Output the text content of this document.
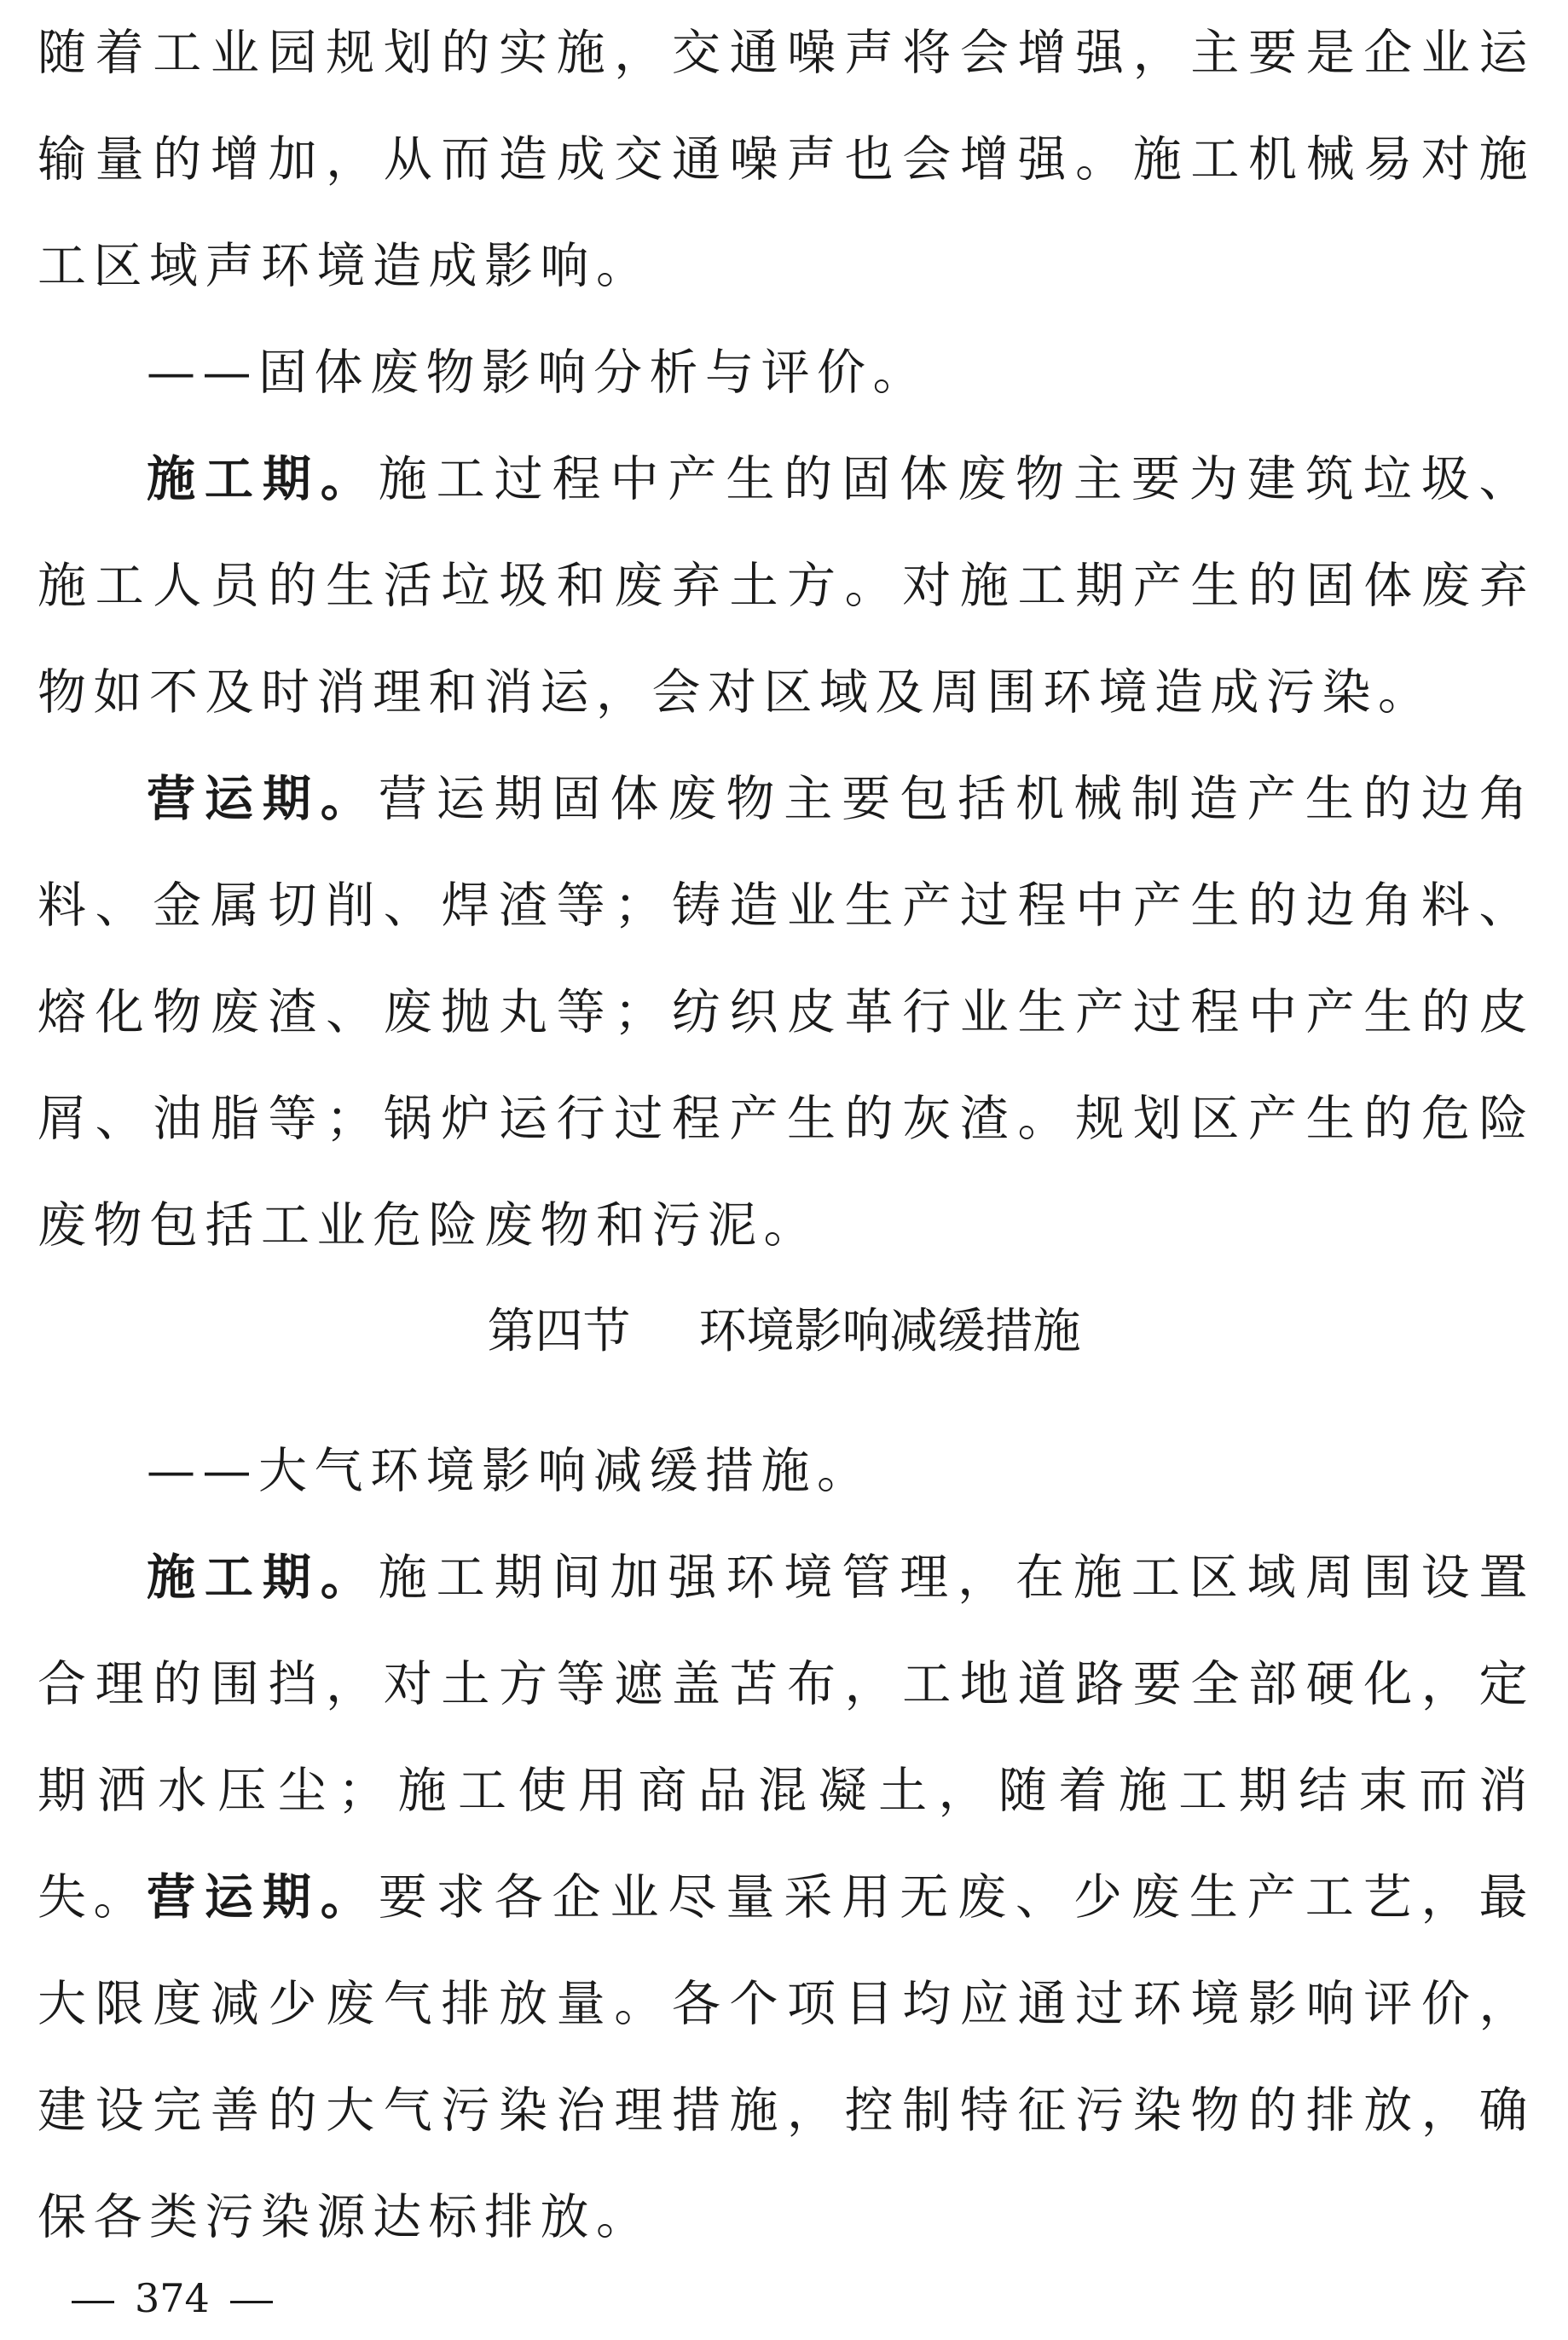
随着工业园规划的实施，交通噪声将会增强，主要是企业运输量的增加，从而造成交通噪声也会增强。施工机械易对施工区域声环境造成影响。

——固体废物影响分析与评价。

施工期。施工过程中产生的固体废物主要为建筑垃圾、施工人员的生活垃圾和废弃土方。对施工期产生的固体废弃物如不及时消理和消运，会对区域及周围环境造成污染。

营运期。营运期固体废物主要包括机械制造产生的边角料、金属切削、焊渣等；铸造业生产过程中产生的边角料、熔化物废渣、废抛丸等；纺织皮革行业生产过程中产生的皮屑、油脂等；锅炉运行过程产生的灰渣。规划区产生的危险废物包括工业危险废物和污泥。

第四节 环境影响减缓措施

——大气环境影响减缓措施。

施工期。施工期间加强环境管理，在施工区域周围设置合理的围挡，对土方等遮盖苫布，工地道路要全部硬化，定期洒水压尘；施工使用商品混凝土，随着施工期结束而消失。

营运期。要求各企业尽量采用无废、少废生产工艺，最大限度减少废气排放量。各个项目均应通过环境影响评价，建设完善的大气污染治理措施，控制特征污染物的排放，确保各类污染源达标排放。

374
